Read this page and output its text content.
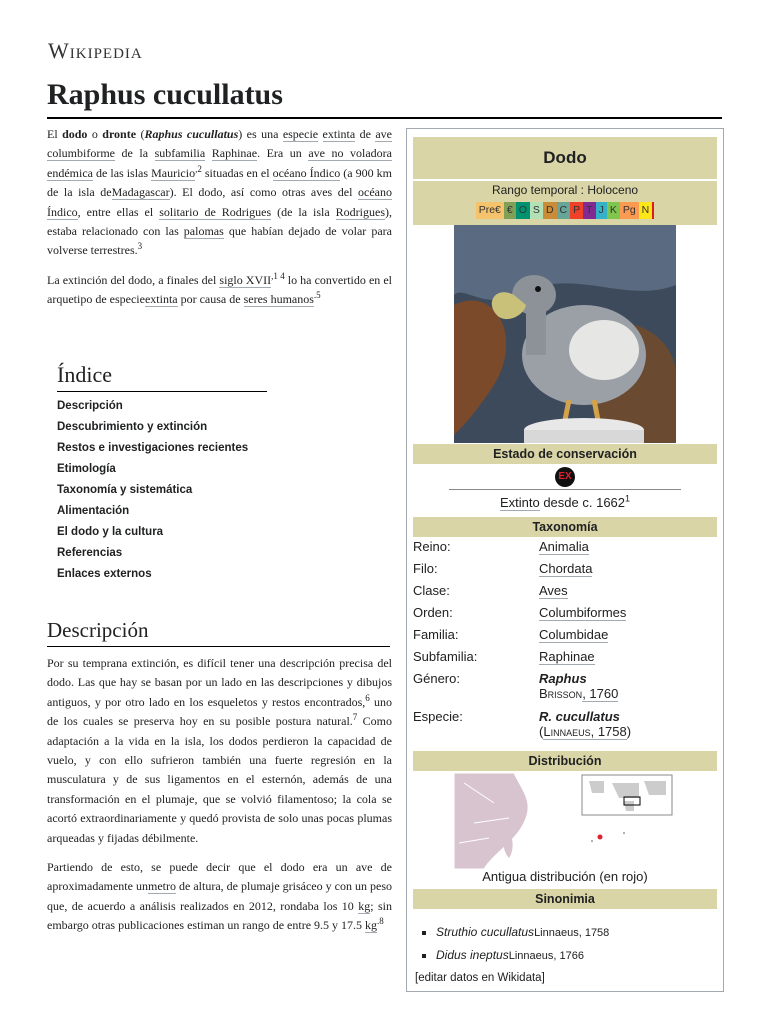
Wikipedia
Raphus cucullatus

El dodo o dronte (Raphus cucullatus) es una especie extinta de ave columbiforme de la subfamilia Raphinae. Era un ave no voladora endémica de las islas Mauricio$^{,2}$ situadas en el océano Índico (a 900 km de la isla deMadagascar). El dodo, así como otras aves del océano Índico, entre ellas el solitario de Rodrigues (de la isla Rodrigues), estaba relacionado con las palomas que habían dejado de volar para volverse terrestres.$^3$

La extinción del dodo, a finales del siglo $XVII^{,1 4}$ lo ha convertido en el arquetipo de especieextinta por causa de seres humanos$^{.5}$

Índice
Descripción
Descubrimiento y extinción
Restos e investigaciones recientes
Etimología
Taxonomía y sistemática
Alimentación
El dodo y la cultura
Referencias
Enlaces externos
Descripción

Por su temprana extinción, es difícil tener una descripción precisa del dodo. Las que hay se basan por un lado en las descripciones y dibujos antiguos, y por otro lado en los esqueletos y restos encontrados,$^6$ uno de los cuales se preserva hoy en su posible postura natural.$^7$ Como adaptación a la vida en la isla, los dodos perdieron la capacidad de vuelo, y con ello sufrieron también una fuerte regresión en la musculatura y de sus ligamentos en el esternón, además de una transformación en el plumaje, que se volvió filamentoso; la cola se acortó extraordinariamente y quedó provista de solo unas pocas plumas arqueadas y fijadas débilmente.

Partiendo de esto, se puede decir que el dodo era un ave de aproximadamente unmetro de altura, de plumaje grisáceo y con un peso que, de acuerdo a análisis realizados en 2012, rondaba los 10 kg; sin embargo otras publicaciones estiman un rango de entre 9.5 y 17.5 $kg^{.8}$

Dodo
Rango temporal : Holoceno
Pre€ € O S D C P T J K Pg N
Estado de conservación
EX
Extinto desde c. 1662$^1$
Taxonomía
Reino:	Animalia
Filo:	Chordata
Clase:	Aves
Orden:	Columbiformes
Familia:	Columbidae
Subfamilia:	Raphinae
Género:	Raphus
Brisson, 1760
Especie:	R. cucullatus
(Linnaeus, 1758)
Distribución
Antigua distribución (en rojo)
Sinonimia
▪ Struthio cucullatusLinnaeus, 1758
▪ Didus ineptusLinnaeus, 1766
[editar datos en Wikidata]
